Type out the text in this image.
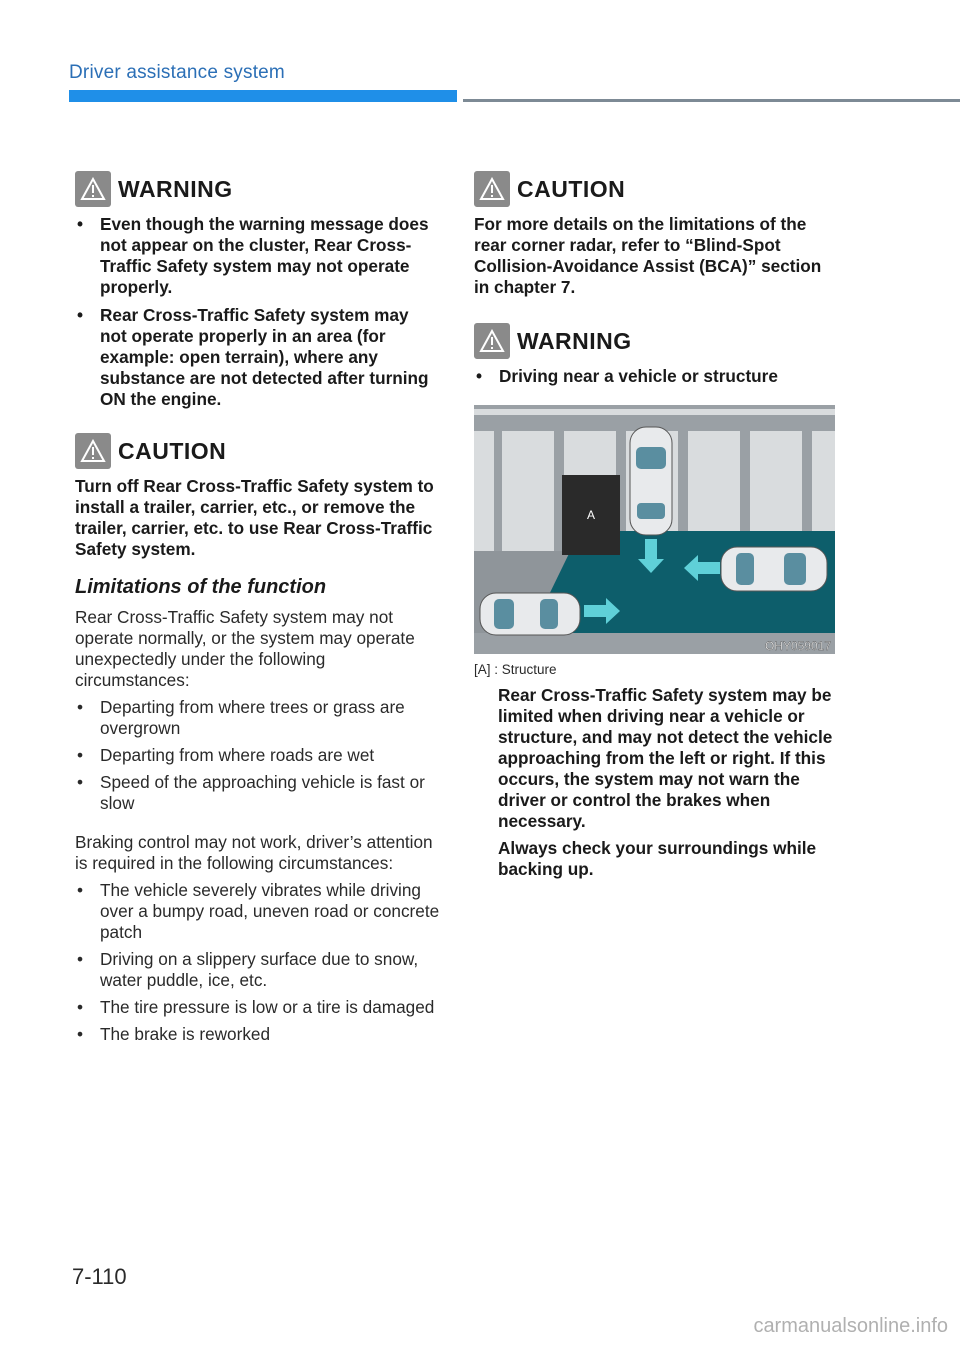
Driver assistance system
WARNING
• Even though the warning message does not appear on the cluster, Rear Cross-Traffic Safety system may not operate properly.
• Rear Cross-Traffic Safety system may not operate properly in an area (for example: open terrain), where any substance are not detected after turning ON the engine.
CAUTION
Turn off Rear Cross-Traffic Safety system to install a trailer, carrier, etc., or remove the trailer, carrier, etc. to use Rear Cross-Traffic Safety system.
Limitations of the function
Rear Cross-Traffic Safety system may not operate normally, or the system may operate unexpectedly under the following circumstances:
• Departing from where trees or grass are overgrown
• Departing from where roads are wet
• Speed of the approaching vehicle is fast or slow
Braking control may not work, driver’s attention is required in the following circumstances:
• The vehicle severely vibrates while driving over a bumpy road, uneven road or concrete patch
• Driving on a slippery surface due to snow, water puddle, ice, etc.
• The tire pressure is low or a tire is damaged
• The brake is reworked
CAUTION
For more details on the limitations of the rear corner radar, refer to “Blind-Spot Collision-Avoidance Assist (BCA)” section in chapter 7.
WARNING
• Driving near a vehicle or structure
A
OHY059017
[A] : Structure

Rear Cross-Traffic Safety system may be limited when driving near a vehicle or structure, and may not detect the vehicle approaching from the left or right. If this occurs, the system may not warn the driver or control the brakes when necessary.

Always check your surroundings while backing up.

7-110
carmanualsonline.info
